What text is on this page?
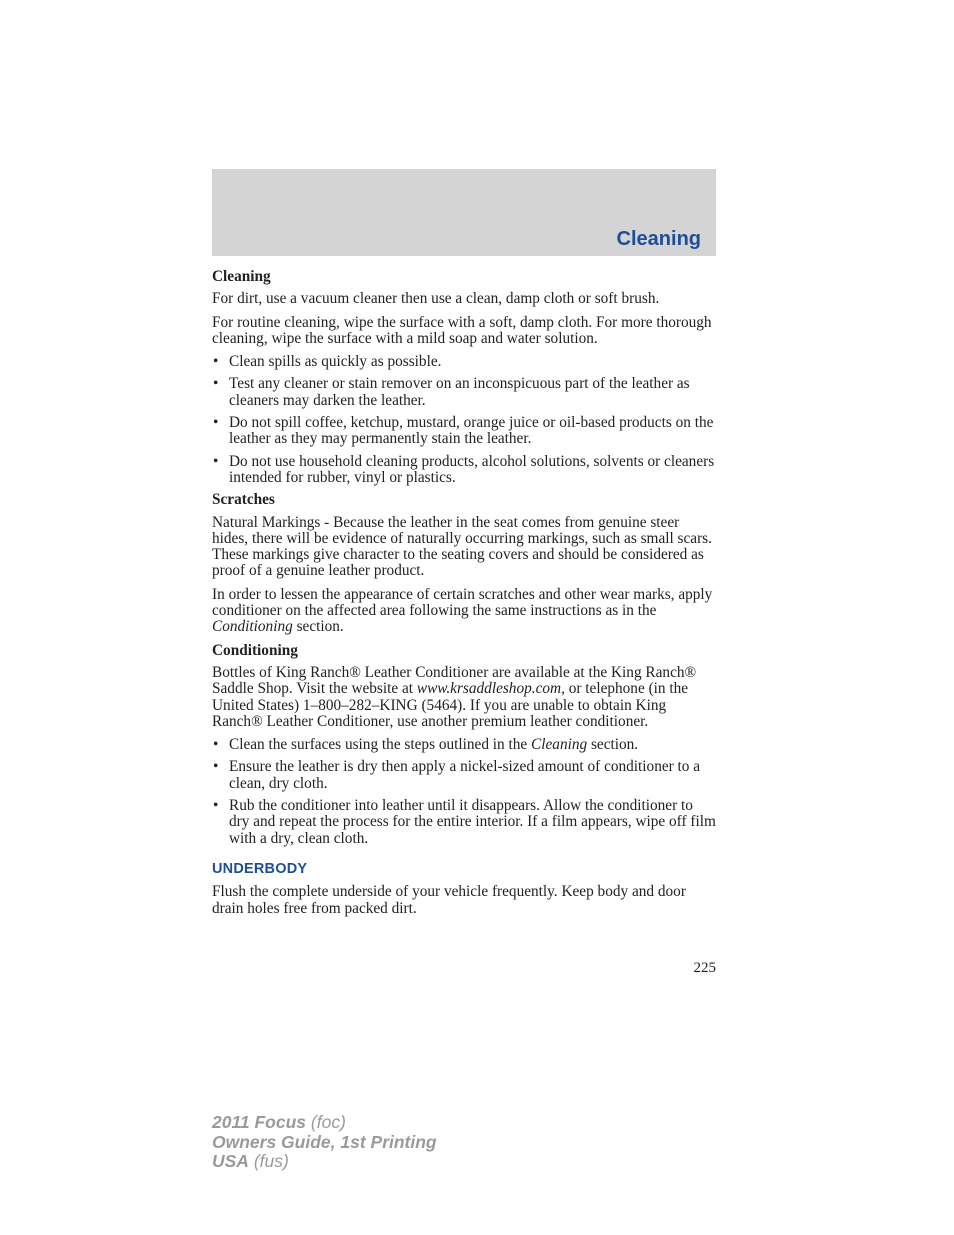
Cleaning
Cleaning

For dirt, use a vacuum cleaner then use a clean, damp cloth or soft brush.

For routine cleaning, wipe the surface with a soft, damp cloth. For more thorough cleaning, wipe the surface with a mild soap and water solution.

• Clean spills as quickly as possible.
• Test any cleaner or stain remover on an inconspicuous part of the leather as cleaners may darken the leather.
• Do not spill coffee, ketchup, mustard, orange juice or oil-based products on the leather as they may permanently stain the leather.
• Do not use household cleaning products, alcohol solutions, solvents or cleaners intended for rubber, vinyl or plastics.
Scratches

Natural Markings - Because the leather in the seat comes from genuine steer hides, there will be evidence of naturally occurring markings, such as small scars. These markings give character to the seating covers and should be considered as proof of a genuine leather product.

In order to lessen the appearance of certain scratches and other wear marks, apply conditioner on the affected area following the same instructions as in the Conditioning section.

Conditioning

Bottles of King Ranch® Leather Conditioner are available at the King Ranch® Saddle Shop. Visit the website at www.krsaddleshop.com, or telephone (in the United States) 1–800–282–KING (5464). If you are unable to obtain King Ranch® Leather Conditioner, use another premium leather conditioner.

• Clean the surfaces using the steps outlined in the Cleaning section.
• Ensure the leather is dry then apply a nickel-sized amount of conditioner to a clean, dry cloth.
• Rub the conditioner into leather until it disappears. Allow the conditioner to dry and repeat the process for the entire interior. If a film appears, wipe off film with a dry, clean cloth.
UNDERBODY

Flush the complete underside of your vehicle frequently. Keep body and door drain holes free from packed dirt.

225
2011 Focus (foc)
Owners Guide, 1st Printing
USA (fus)
